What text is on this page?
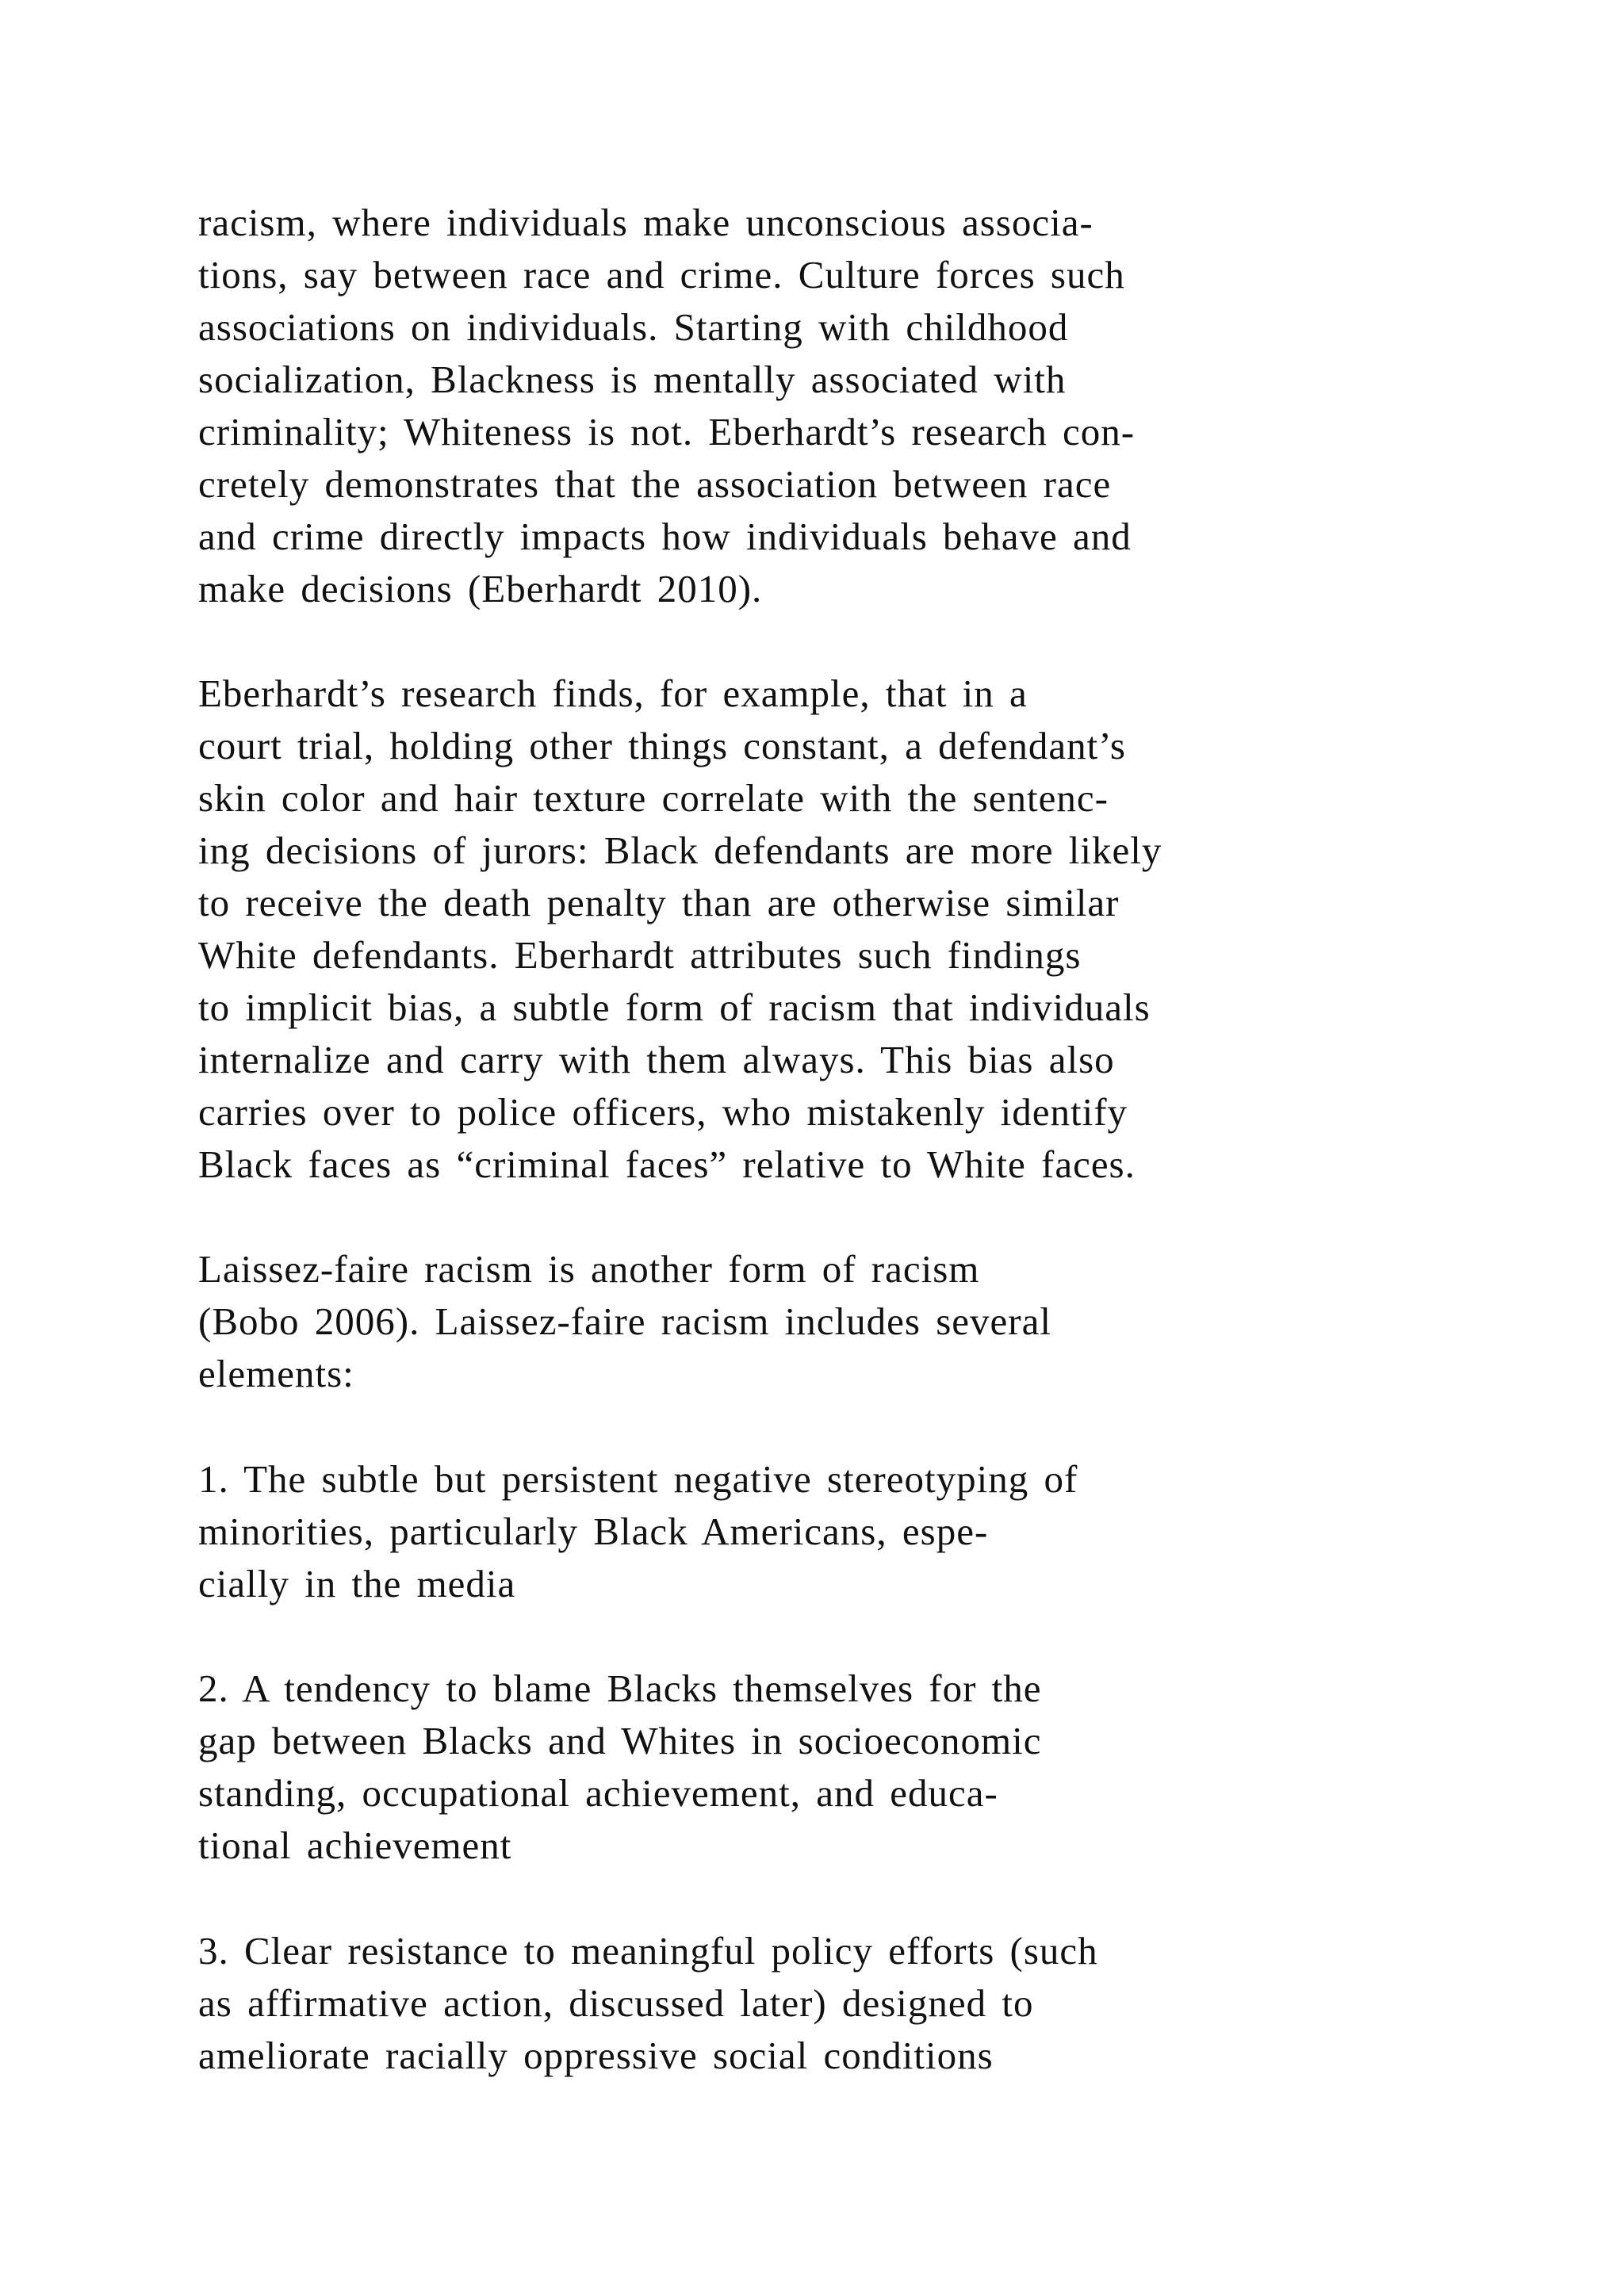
racism, where individuals make unconscious associa-
tions, say between race and crime. Culture forces such
associations on individuals. Starting with childhood
socialization, Blackness is mentally associated with
criminality; Whiteness is not. Eberhardt’s research con-
cretely demonstrates that the association between race
and crime directly impacts how individuals behave and
make decisions (Eberhardt 2010).

Eberhardt’s research finds, for example, that in a
court trial, holding other things constant, a defendant’s
skin color and hair texture correlate with the sentenc-
ing decisions of jurors: Black defendants are more likely
to receive the death penalty than are otherwise similar
White defendants. Eberhardt attributes such findings
to implicit bias, a subtle form of racism that individuals
internalize and carry with them always. This bias also
carries over to police officers, who mistakenly identify
Black faces as “criminal faces” relative to White faces.

Laissez-faire racism is another form of racism
(Bobo 2006). Laissez-faire racism includes several
elements:

1. The subtle but persistent negative stereotyping of
minorities, particularly Black Americans, espe-
cially in the media

2. A tendency to blame Blacks themselves for the
gap between Blacks and Whites in socioeconomic
standing, occupational achievement, and educa-
tional achievement

3. Clear resistance to meaningful policy efforts (such
as affirmative action, discussed later) designed to
ameliorate racially oppressive social conditions
